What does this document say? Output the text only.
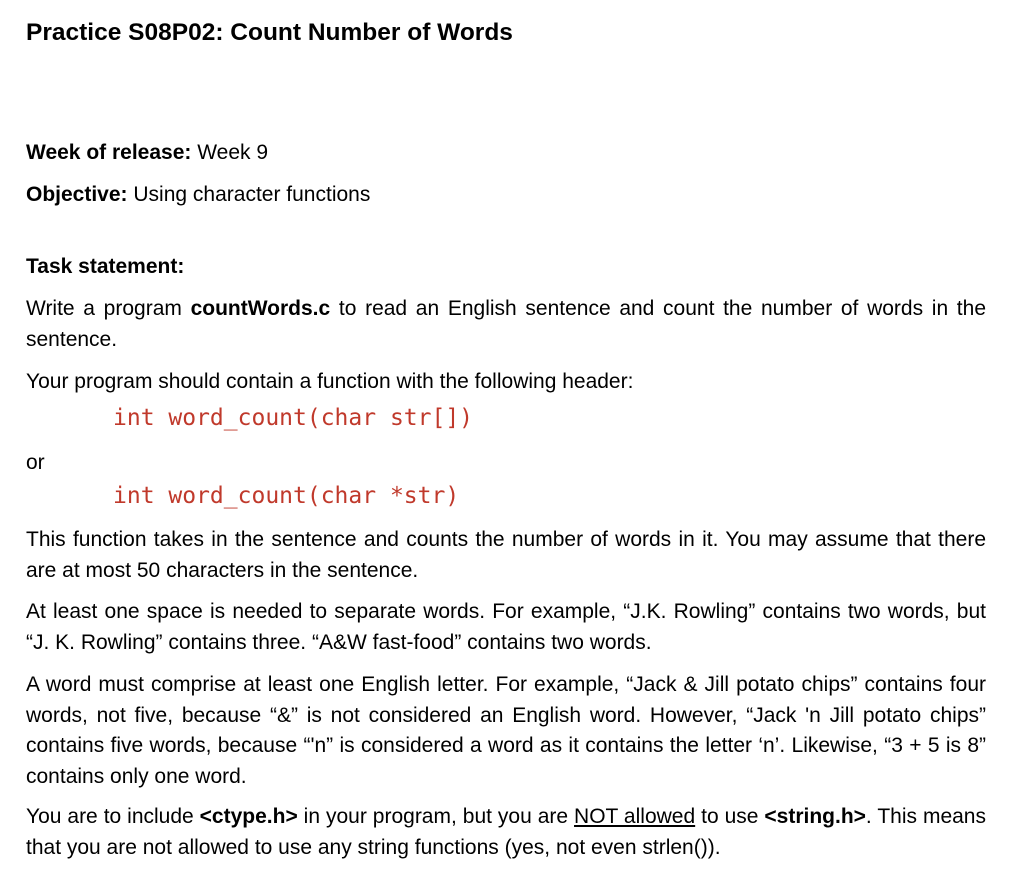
Practice S08P02: Count Number of Words

Week of release: Week 9

Objective: Using character functions

Task statement:

Write a program countWords.c to read an English sentence and count the number of words in the sentence.

Your program should contain a function with the following header:

int word_count(char str[])

or

int word_count(char *str)

This function takes in the sentence and counts the number of words in it. You may assume that there are at most 50 characters in the sentence.

At least one space is needed to separate words. For example, “J.K. Rowling” contains two words, but “J. K. Rowling” contains three. “A&W fast-food” contains two words.

A word must comprise at least one English letter. For example, “Jack & Jill potato chips” contains four words, not five, because “&” is not considered an English word. However, “Jack 'n Jill potato chips” contains five words, because “'n” is considered a word as it contains the letter ‘n’. Likewise, “3 + 5 is 8” contains only one word.

You are to include <ctype.h> in your program, but you are NOT allowed to use <string.h>. This means that you are not allowed to use any string functions (yes, not even strlen()).
